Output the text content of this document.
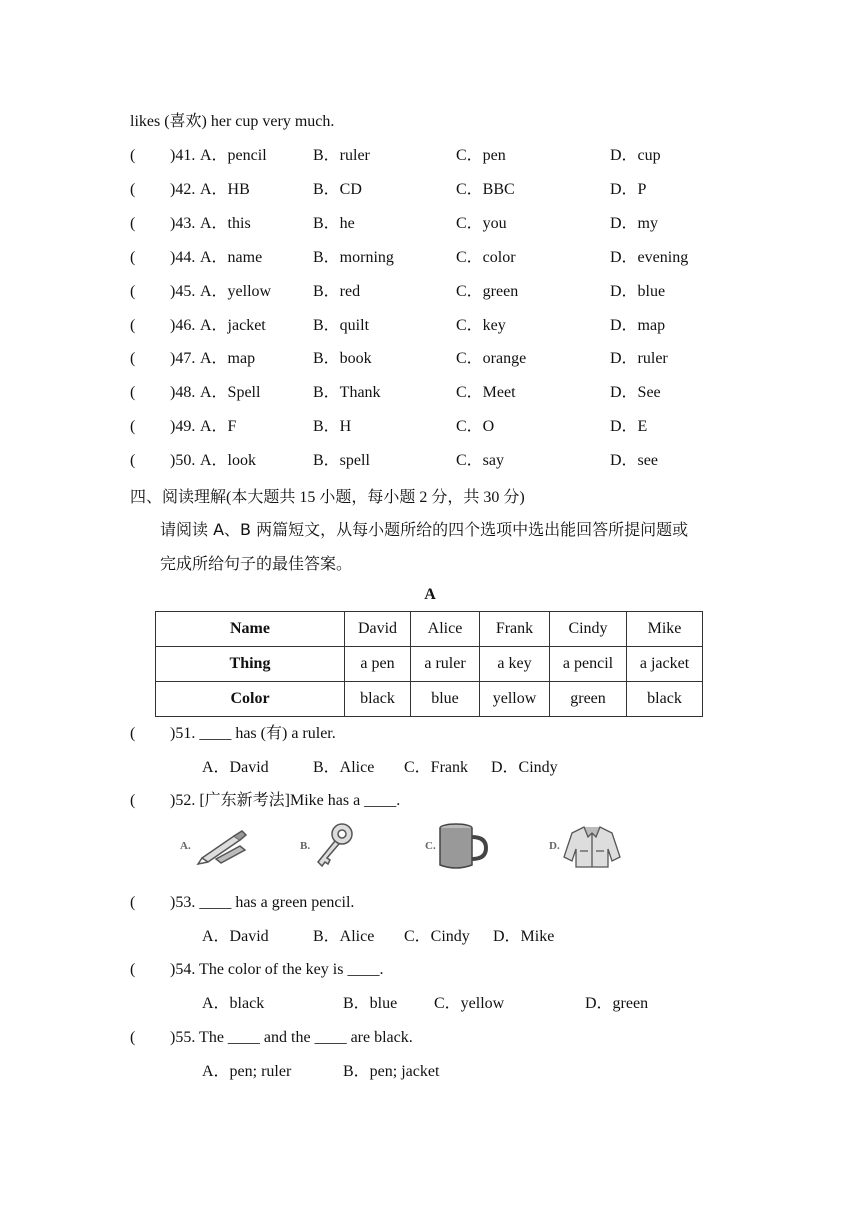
likes (喜欢) her cup very much.
( )41. A．pencil	B．ruler	C．pen	D．cup
( )42. A．HB	B．CD	C．BBC	D．P
( )43. A．this	B．he	C．you	D．my
( )44. A．name	B．morning	C．color	D．evening
( )45. A．yellow	B．red	C．green	D．blue
( )46. A．jacket	B．quilt	C．key	D．map
( )47. A．map	B．book	C．orange	D．ruler
( )48. A．Spell	B．Thank	C．Meet	D．See
( )49. A．F	B．H	C．O	D．E
( )50. A．look	B．spell	C．say	D．see
四、阅读理解(本大题共 15 小题，每小题 2 分，共 30 分)
请阅读 A、B 两篇短文，从每小题所给的四个选项中选出能回答所提问题或
完成所给句子的最佳答案。
A
Name	David	Alice	Frank	Cindy	Mike
Thing	a pen	a ruler	a key	a pencil	a jacket
Color	black	blue	yellow	green	black
( )51. ____ has (有) a ruler.
A．David	B．Alice C．Frank D．Cindy
( )52. [广东新考法]Mike has a ____.
A.	B.	C.	D.
( )53. ____ has a green pencil.
A．David	B．Alice C．Cindy D．Mike
( )54. The color of the key is ____.
A．black	B．blue C．yellow	D．green
( )55. The ____ and the ____ are black.
A．pen; ruler	B．pen; jacket
